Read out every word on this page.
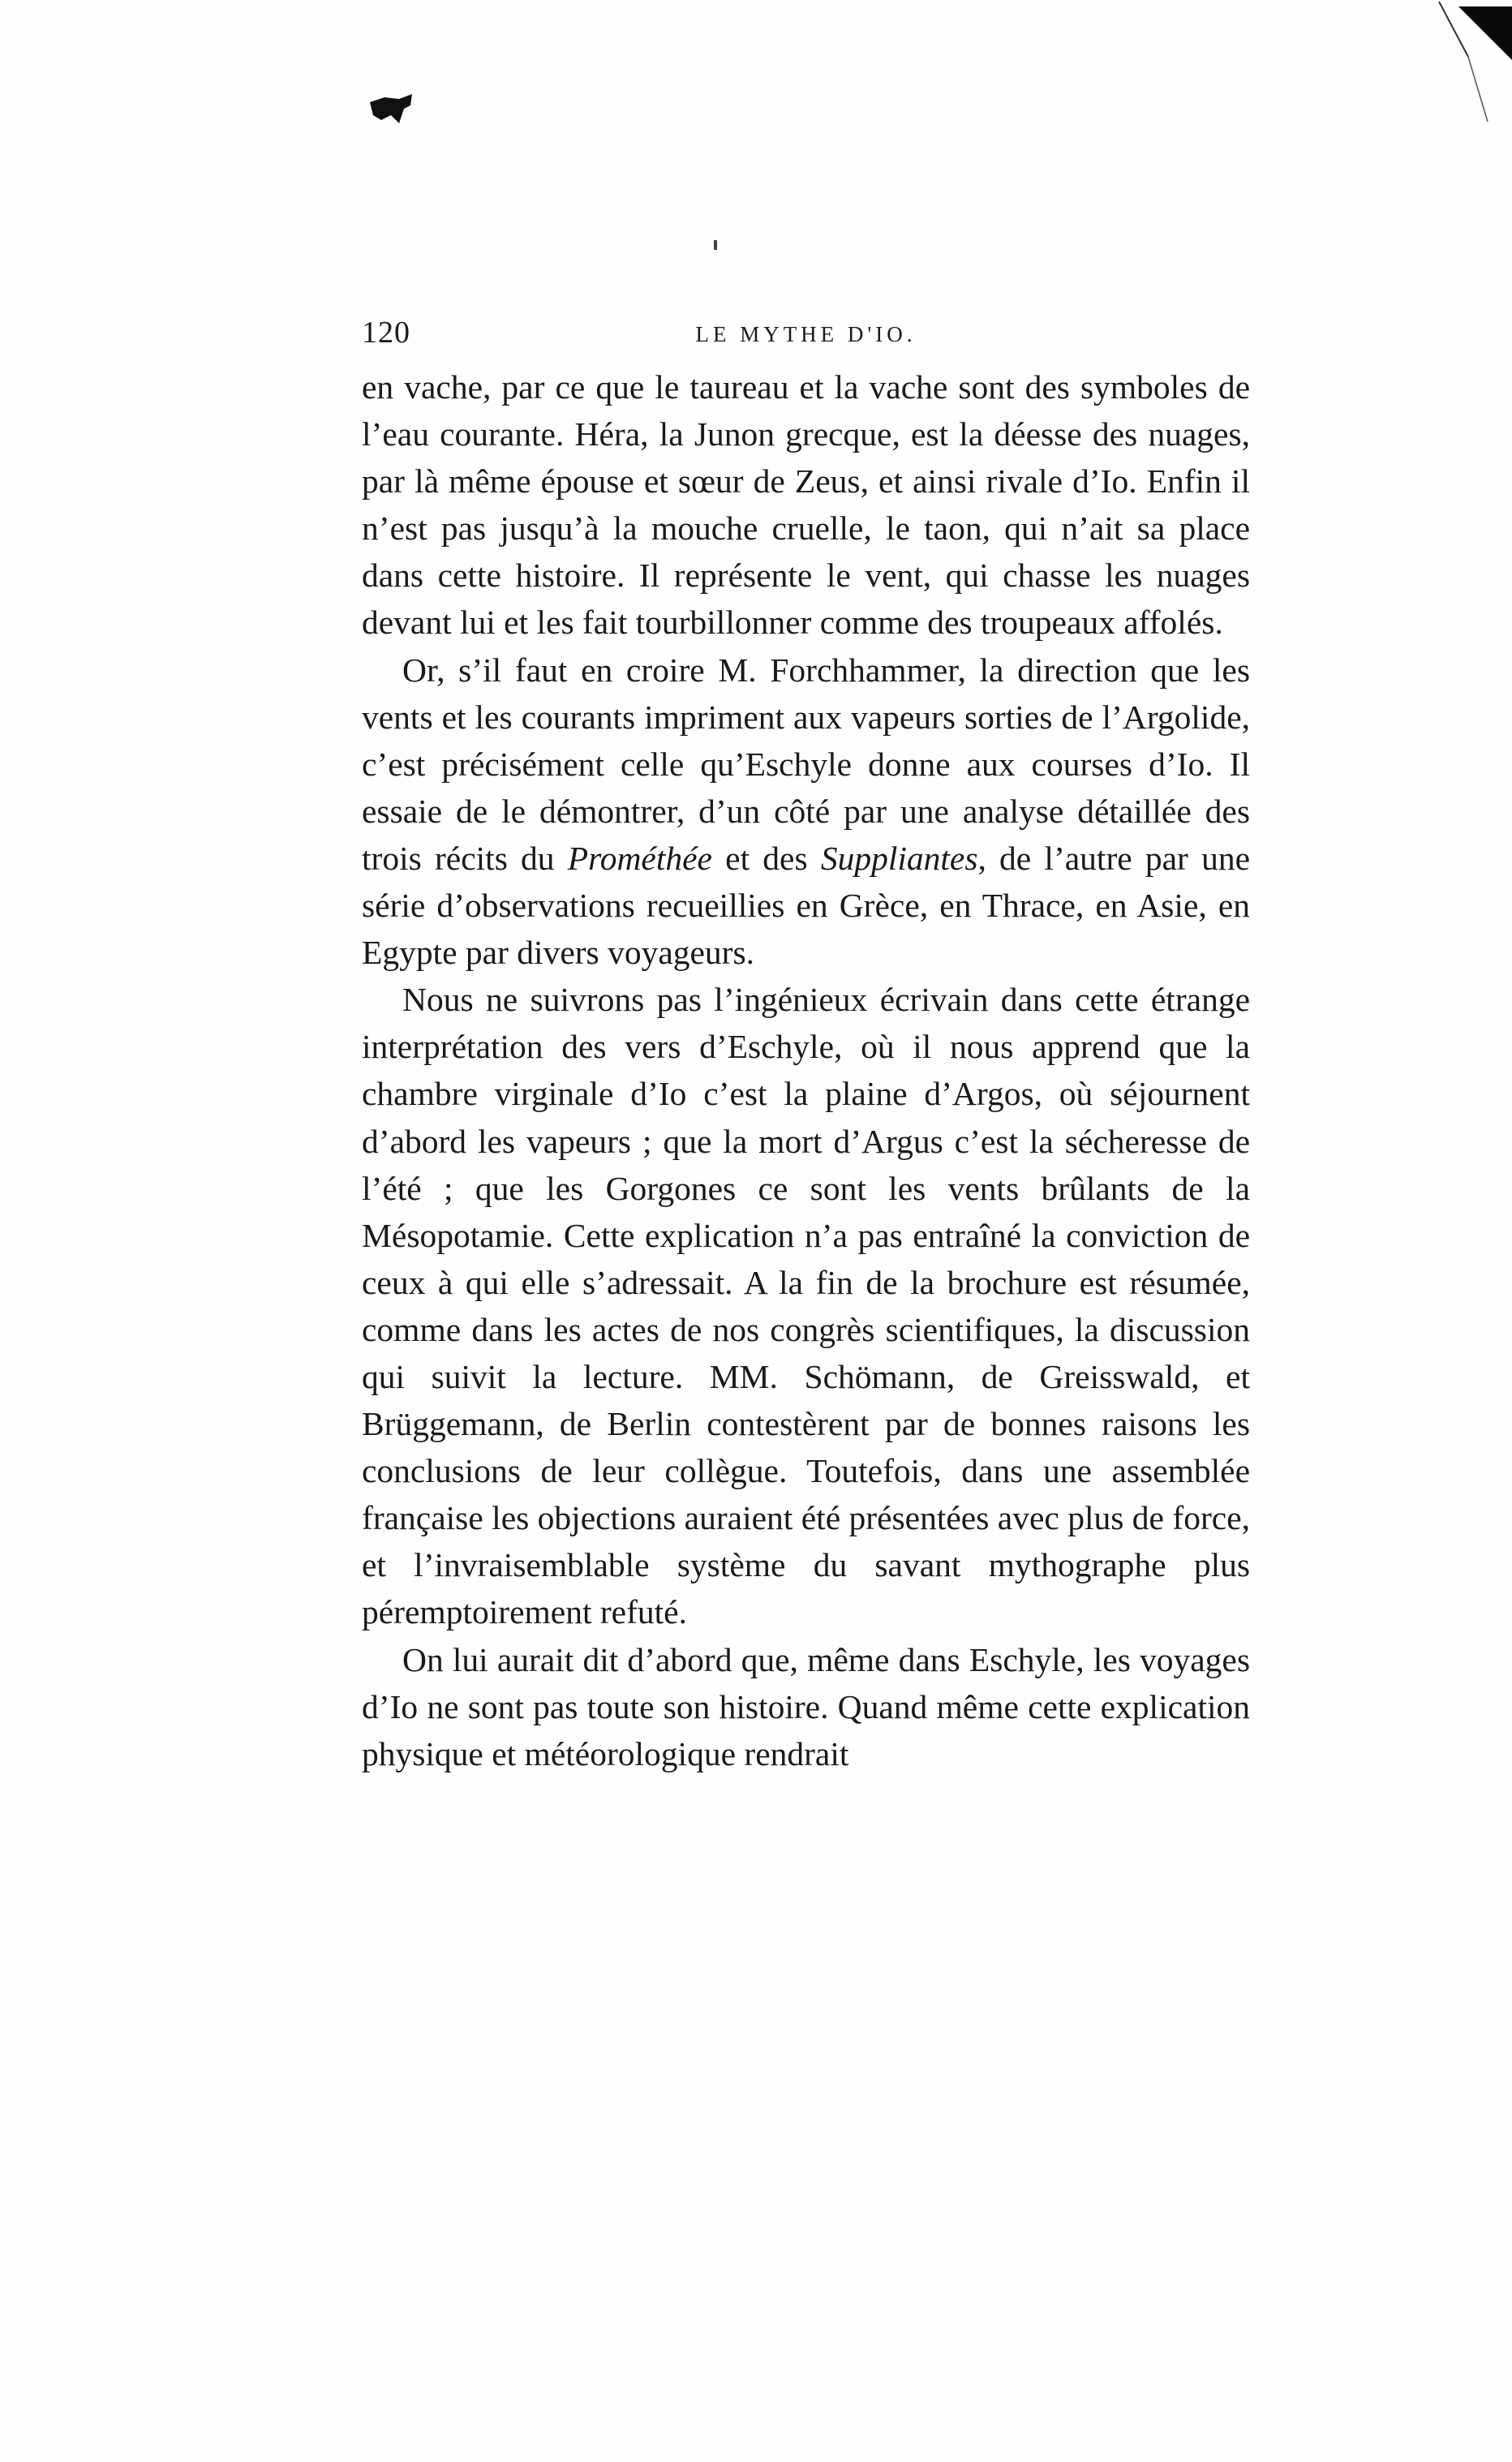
120	LE MYTHE D'IO.

en vache, par ce que le taureau et la vache sont des symboles de l’eau courante. Héra, la Junon grecque, est la déesse des nuages, par là même épouse et sœur de Zeus, et ainsi rivale d’Io. Enfin il n’est pas jusqu’à la mouche cruelle, le taon, qui n’ait sa place dans cette histoire. Il représente le vent, qui chasse les nuages devant lui et les fait tourbillonner comme des troupeaux affolés.

Or, s’il faut en croire M. Forchhammer, la direction que les vents et les courants impriment aux vapeurs sorties de l’Argolide, c’est précisément celle qu’Eschyle donne aux courses d’Io. Il essaie de le démontrer, d’un côté par une analyse détaillée des trois récits du Prométhée et des Suppliantes, de l’autre par une série d’observations recueillies en Grèce, en Thrace, en Asie, en Egypte par divers voyageurs.

Nous ne suivrons pas l’ingénieux écrivain dans cette étrange interprétation des vers d’Eschyle, où il nous apprend que la chambre virginale d’Io c’est la plaine d’Argos, où séjournent d’abord les vapeurs ; que la mort d’Argus c’est la sécheresse de l’été ; que les Gorgones ce sont les vents brûlants de la Mésopotamie. Cette explication n’a pas entraîné la conviction de ceux à qui elle s’adressait. A la fin de la brochure est résumée, comme dans les actes de nos congrès scientifiques, la discussion qui suivit la lecture. MM. Schömann, de Greisswald, et Brüggemann, de Berlin contestèrent par de bonnes raisons les conclusions de leur collègue. Toutefois, dans une assemblée française les objections auraient été présentées avec plus de force, et l’invraisemblable système du savant mythographe plus péremptoirement refuté.

On lui aurait dit d’abord que, même dans Eschyle, les voyages d’Io ne sont pas toute son histoire. Quand même cette explication physique et météorologique rendrait
